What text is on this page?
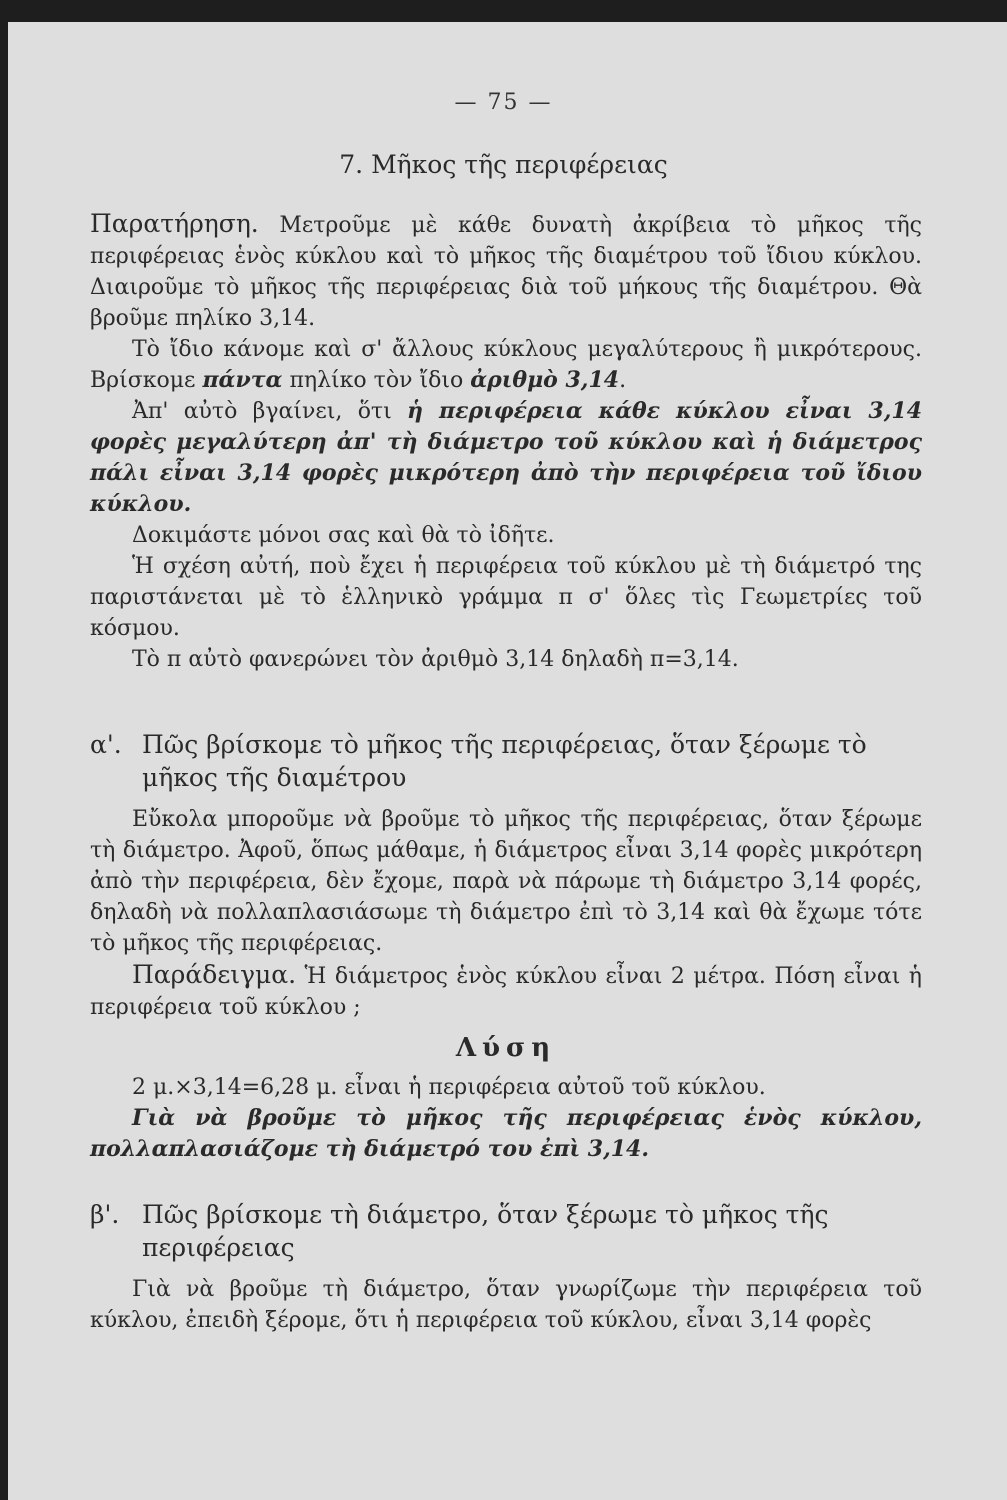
— 75 —
7. Μῆκος τῆς περιφέρειας

Παρατήρηση. Μετροῦμε μὲ κάθε δυνατὴ ἀκρίβεια τὸ μῆκος τῆς περιφέρειας ἑνὸς κύκλου καὶ τὸ μῆκος τῆς διαμέτρου τοῦ ἴδιου κύκλου. Διαιροῦμε τὸ μῆκος τῆς περιφέρειας διὰ τοῦ μήκους τῆς διαμέτρου. Θὰ βροῦμε πηλίκο 3,14.

Τὸ ἴδιο κάνομε καὶ σ' ἄλλους κύκλους μεγαλύτερους ἢ μικρότερους. Βρίσκομε πάντα πηλίκο τὸν ἴδιο ἀριθμὸ 3,14.

Ἀπ' αὐτὸ βγαίνει, ὅτι ἡ περιφέρεια κάθε κύκλου εἶναι 3,14 φορὲς μεγαλύτερη ἀπ' τὴ διάμετρο τοῦ κύκλου καὶ ἡ διάμετρος πάλι εἶναι 3,14 φορὲς μικρότερη ἀπὸ τὴν περιφέρεια τοῦ ἴδιου κύκλου.

Δοκιμάστε μόνοι σας καὶ θὰ τὸ ἰδῆτε.

Ἡ σχέση αὐτή, ποὺ ἔχει ἡ περιφέρεια τοῦ κύκλου μὲ τὴ διάμετρό της παριστάνεται μὲ τὸ ἑλληνικὸ γράμμα π σ' ὅλες τὶς Γεωμετρίες τοῦ κόσμου.

Τὸ π αὐτὸ φανερώνει τὸν ἀριθμὸ 3,14 δηλαδὴ π=3,14.

α'. Πῶς βρίσκομε τὸ μῆκος τῆς περιφέρειας, ὅταν ξέρωμε τὸ
μῆκος τῆς διαμέτρου

Εὔκολα μποροῦμε νὰ βροῦμε τὸ μῆκος τῆς περιφέρειας, ὅταν ξέρωμε τὴ διάμετρο. Ἀφοῦ, ὅπως μάθαμε, ἡ διάμετρος εἶναι 3,14 φορὲς μικρότερη ἀπὸ τὴν περιφέρεια, δὲν ἔχομε, παρὰ νὰ πάρωμε τὴ διάμετρο 3,14 φορές, δηλαδὴ νὰ πολλαπλασιάσωμε τὴ διάμετρο ἐπὶ τὸ 3,14 καὶ θὰ ἔχωμε τότε τὸ μῆκος τῆς περιφέρειας.

Παράδειγμα. Ἡ διάμετρος ἑνὸς κύκλου εἶναι 2 μέτρα. Πόση εἶναι ἡ περιφέρεια τοῦ κύκλου ;

Λύση

2 μ.×3,14=6,28 μ. εἶναι ἡ περιφέρεια αὐτοῦ τοῦ κύκλου.

Γιὰ νὰ βροῦμε τὸ μῆκος τῆς περιφέρειας ἑνὸς κύκλου, πολλαπλασιάζομε τὴ διάμετρό του ἐπὶ 3,14.

β'. Πῶς βρίσκομε τὴ διάμετρο, ὅταν ξέρωμε τὸ μῆκος τῆς
περιφέρειας

Γιὰ νὰ βροῦμε τὴ διάμετρο, ὅταν γνωρίζωμε τὴν περιφέρεια τοῦ κύκλου, ἐπειδὴ ξέρομε, ὅτι ἡ περιφέρεια τοῦ κύκλου, εἶναι 3,14 φορὲς
